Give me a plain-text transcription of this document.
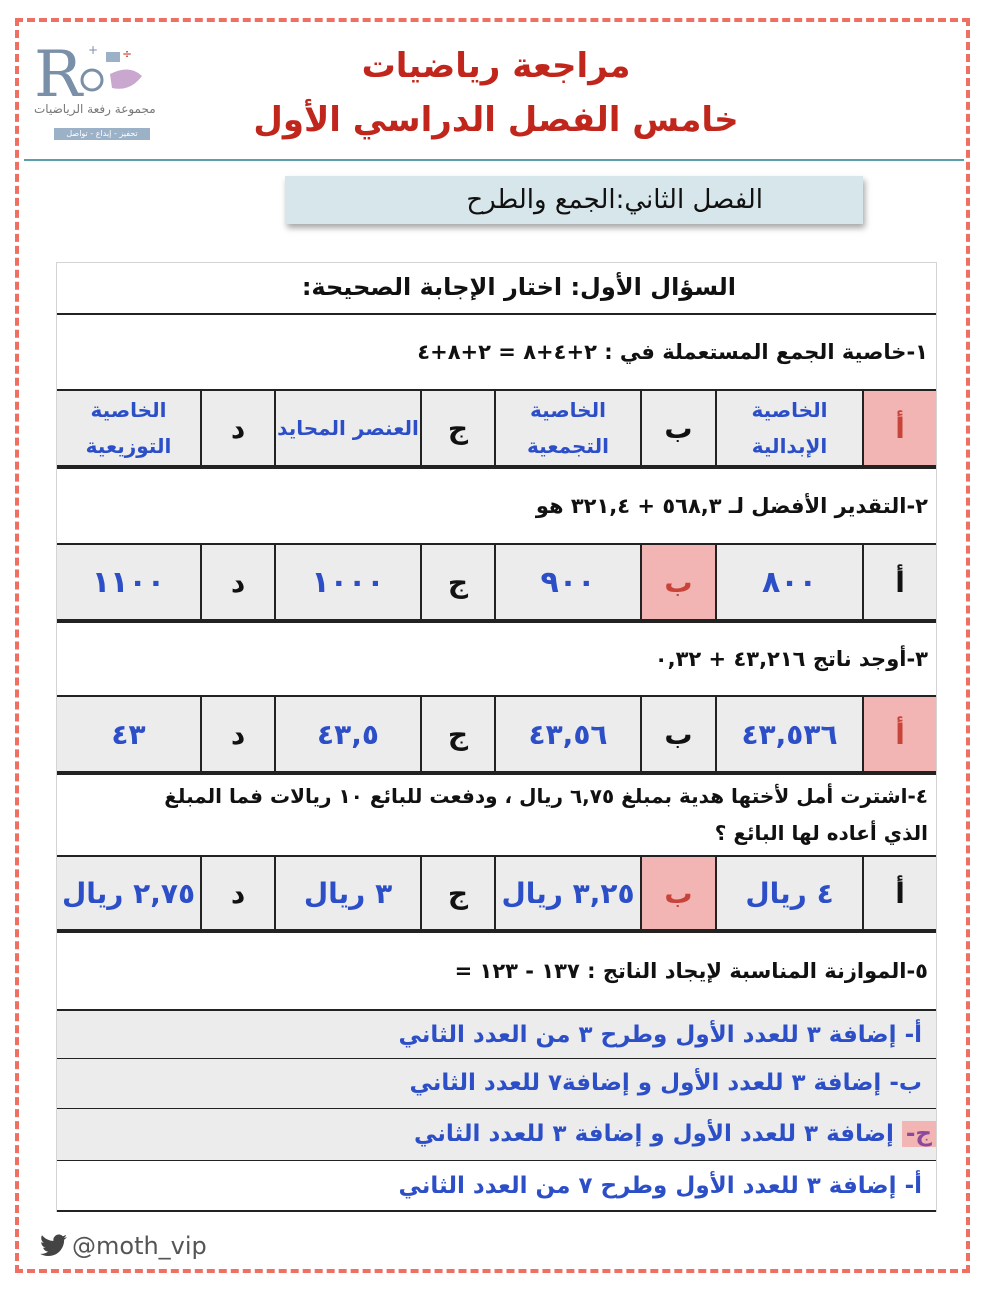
R	÷
+
مجموعة رفعة الرياضيات
تحفيز - إبداع - تواصل
مراجعة رياضيات
خامس الفصل الدراسي الأول
الفصل الثاني:الجمع والطرح
السؤال الأول: اختار الإجابة الصحيحة:
١-خاصية الجمع المستعملة في : ٢+٤+٨ = ٢+٨+٤
أ
الخاصية الإبدالية
ب
الخاصية التجمعية
ج
العنصر المحايد
د
الخاصية التوزيعية
٢-التقدير الأفضل لـ ٥٦٨,٣ + ٣٢١,٤ هو
أ
٨٠٠
ب
٩٠٠
ج
١٠٠٠
د
١١٠٠
٣-أوجد ناتج ٤٣,٢١٦ + ٠,٣٢
أ
٤٣,٥٣٦
ب
٤٣,٥٦
ج
٤٣,٥
د
٤٣
٤-اشترت أمل لأختها هدية بمبلغ ٦,٧٥ ريال ، ودفعت للبائع ١٠ ريالات فما المبلغ
الذي أعاده لها البائع ؟
أ
٤ ريال
ب
٣,٢٥ ريال
ج
٣ ريال
د
٢,٧٥ ريال
٥-الموازنة المناسبة لإيجاد الناتج : ١٣٧ - ١٢٣ =
أ- إضافة ٣ للعدد الأول وطرح ٣ من العدد الثاني
ب- إضافة ٣ للعدد الأول و إضافة٧ للعدد الثاني
ج- إضافة ٣ للعدد الأول و إضافة ٣ للعدد الثاني
أ- إضافة ٣ للعدد الأول وطرح ٧ من العدد الثاني
@moth_vip
